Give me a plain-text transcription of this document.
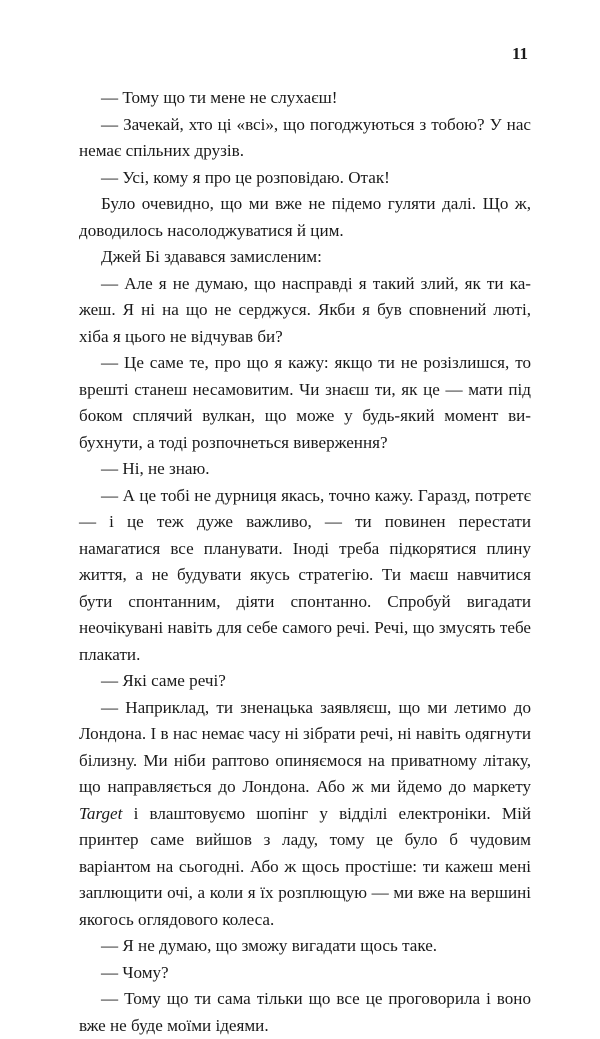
11

— Тому що ти мене не слухаєш!

— Зачекай, хто ці «всі», що погоджуються з тобою? У нас немає спільних друзів.

— Усі, кому я про це розповідаю. Отак!

Було очевидно, що ми вже не підемо гуляти далі. Що ж, доводилось насолоджуватися й цим.

Джей Бі здавався замисленим:

— Але я не думаю, що насправді я такий злий, як ти кажеш. Я ні на що не серджуся. Якби я був сповнений люті, хіба я цього не відчував би?

— Це саме те, про що я кажу: якщо ти не розізлишся, то врешті станеш несамовитим. Чи знаєш ти, як це — мати під боком сплячий вулкан, що може у будь-який момент вибухнути, а тоді розпочнеться виверження?

— Ні, не знаю.

— А це тобі не дурниця якась, точно кажу. Гаразд, потретє — і це теж дуже важливо, — ти повинен перестати намагатися все планувати. Іноді треба підкорятися плину життя, а не будувати якусь стратегію. Ти маєш навчитися бути спонтанним, діяти спонтанно. Спробуй вигадати неочікувані навіть для себе самого речі. Речі, що змусять тебе плакати.

— Які саме речі?

— Наприклад, ти зненацька заявляєш, що ми летимо до Лондона. І в нас немає часу ні зібрати речі, ні навіть одягнути білизну. Ми ніби раптово опиняємося на приватному літаку, що направляється до Лондона. Або ж ми йдемо до маркету Target і влаштовуємо шопінг у відділі електроніки. Мій принтер саме вийшов з ладу, тому це було б чудовим варіантом на сьогодні. Або ж щось простіше: ти кажеш мені заплющити очі, а коли я їх розплющую — ми вже на вершині якогось оглядового колеса.

— Я не думаю, що зможу вигадати щось таке.

— Чому?

— Тому що ти сама тільки що все це проговорила і воно вже не буде моїми ідеями.
